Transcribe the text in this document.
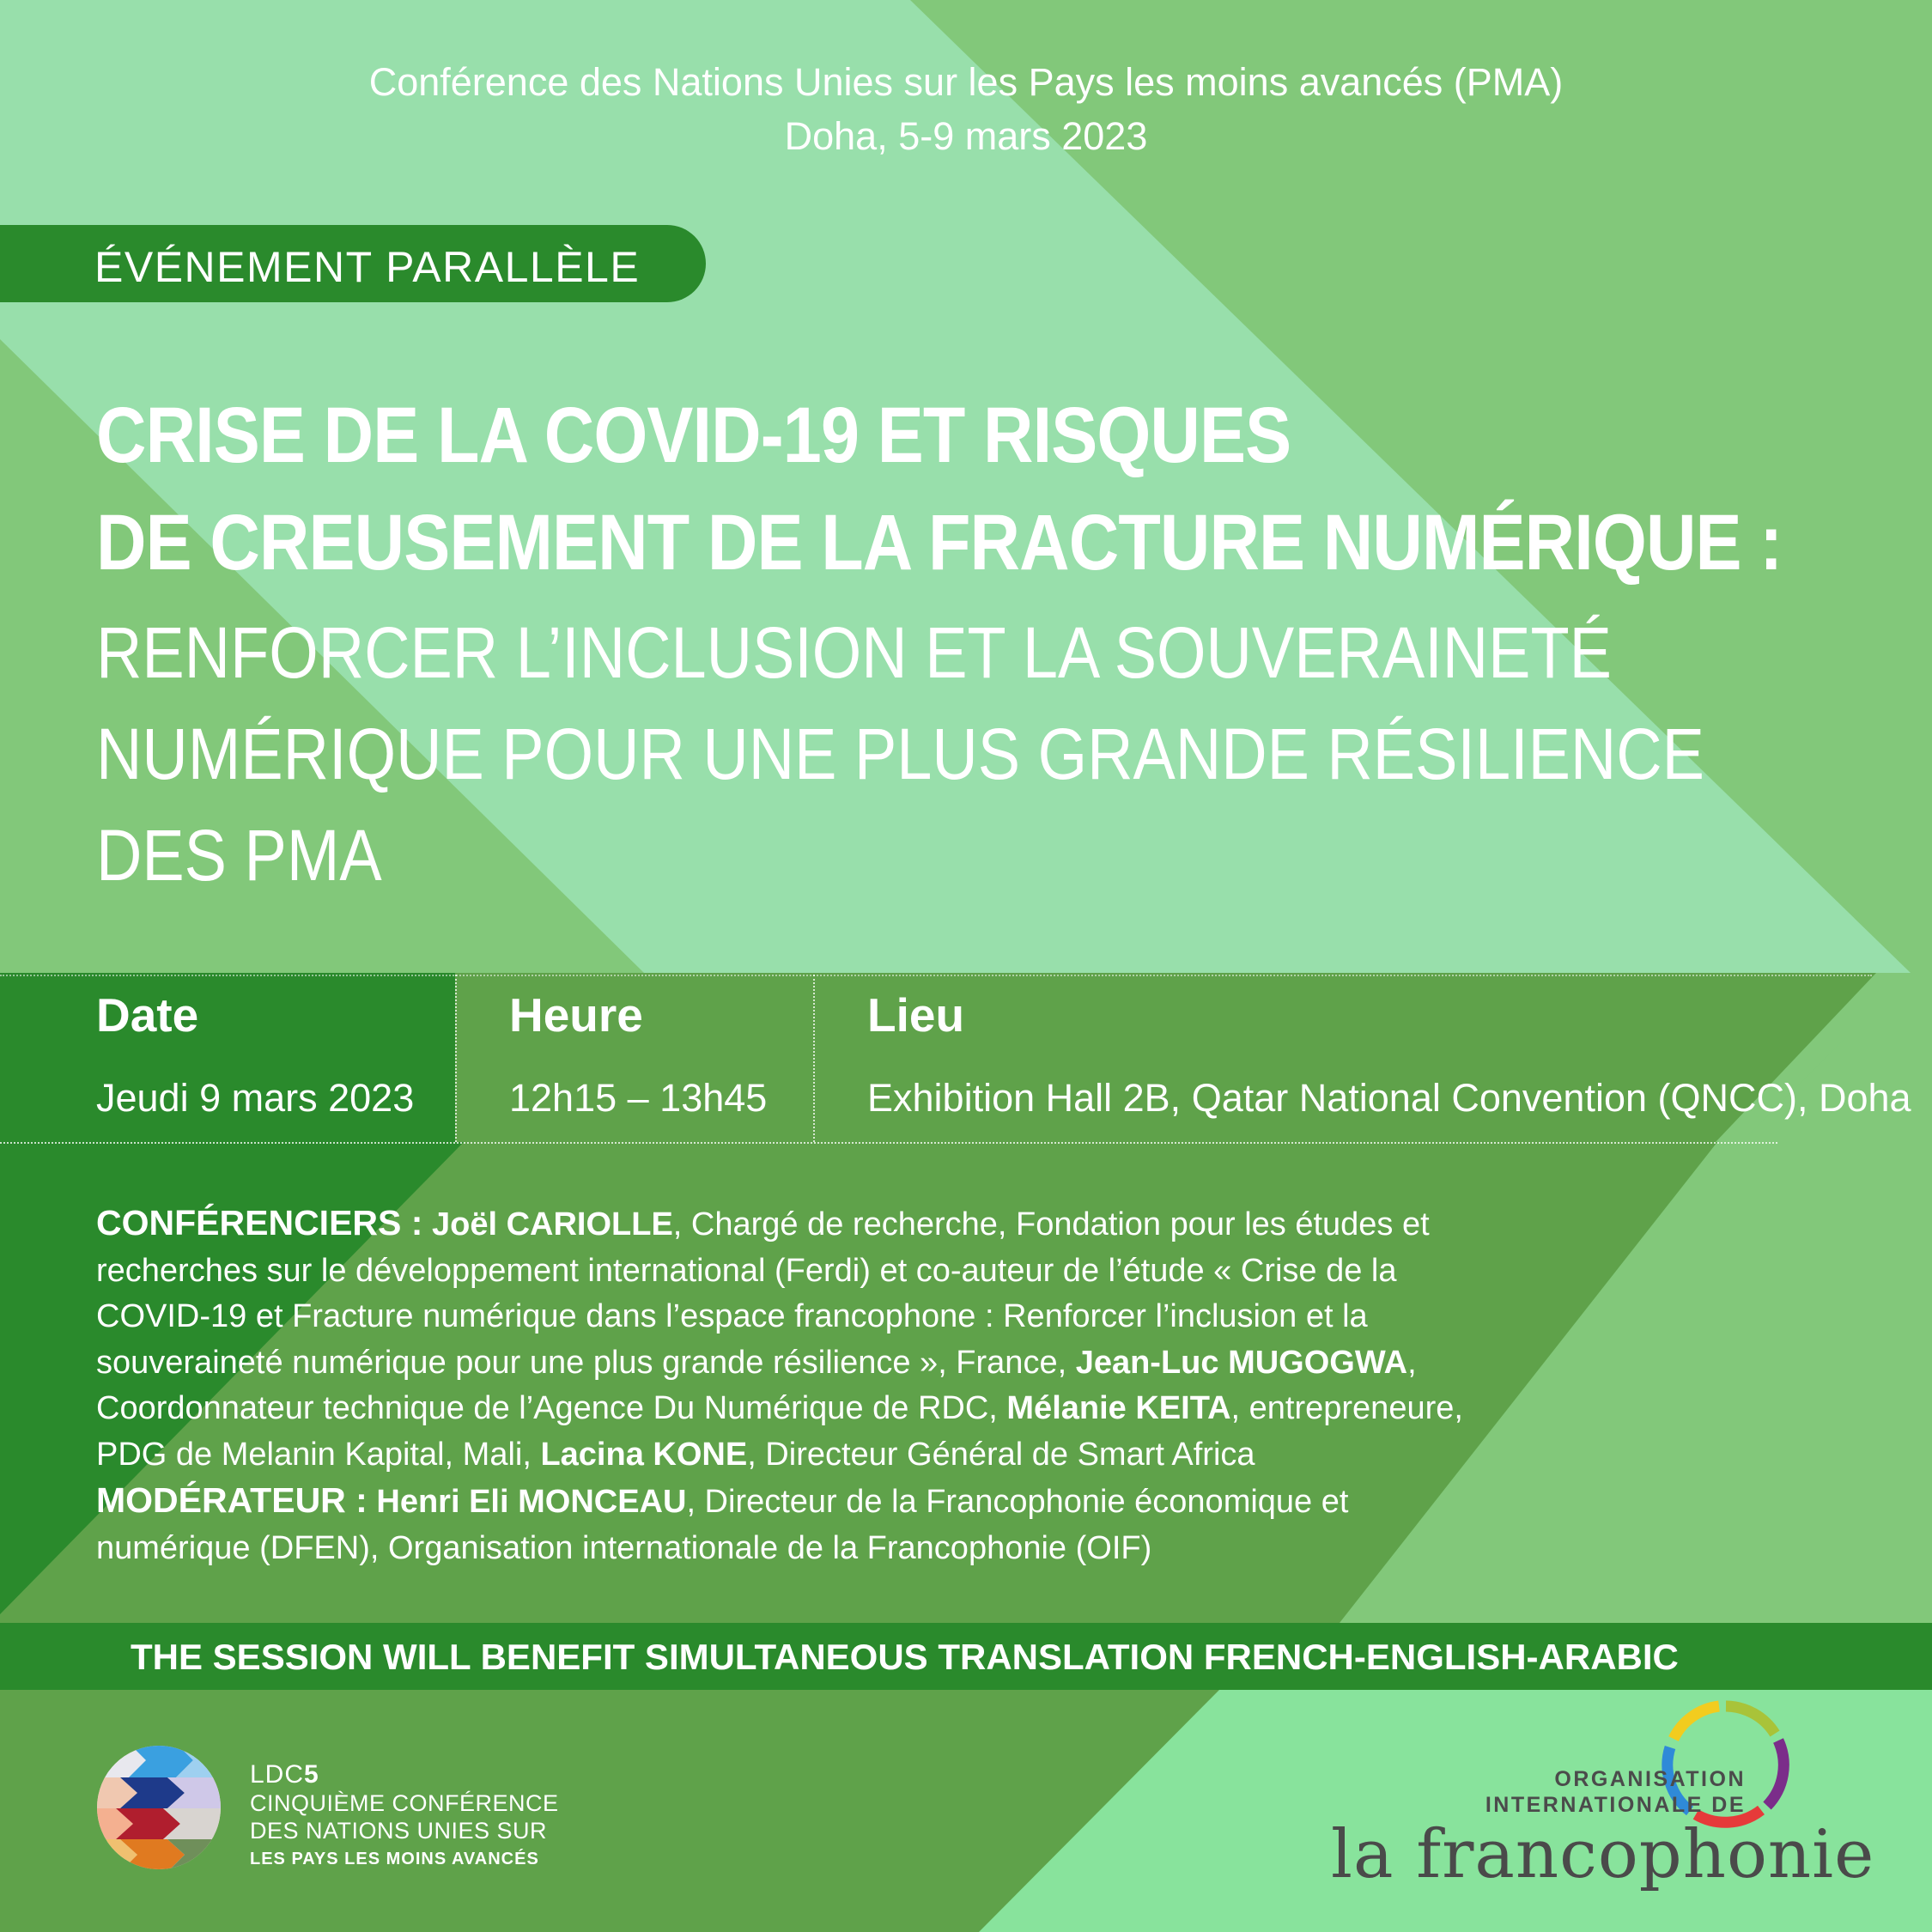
Conférence des Nations Unies sur les Pays les moins avancés (PMA)
Doha, 5-9 mars 2023
ÉVÉNEMENT PARALLÈLE
CRISE DE LA COVID-19 ET RISQUES
DE CREUSEMENT DE LA FRACTURE NUMÉRIQUE :
RENFORCER L’INCLUSION ET LA SOUVERAINETÉ
NUMÉRIQUE POUR UNE PLUS GRANDE RÉSILIENCE
DES PMA
Date
Jeudi 9 mars 2023
Heure
12h15 – 13h45
Lieu
Exhibition Hall 2B, Qatar National Convention (QNCC), Doha
CONFÉRENCIERS : Joël CARIOLLE, Chargé de recherche, Fondation pour les études et recherches sur le développement international (Ferdi) et co-auteur de l’étude « Crise de la COVID-19 et Fracture numérique dans l’espace francophone : Renforcer l’inclusion et la souveraineté numérique pour une plus grande résilience », France, Jean-Luc MUGOGWA, Coordonnateur technique de l’Agence Du Numérique de RDC, Mélanie KEITA, entrepreneure, PDG de Melanin Kapital, Mali, Lacina KONE, Directeur Général de Smart Africa
MODÉRATEUR : Henri Eli MONCEAU, Directeur de la Francophonie économique et numérique (DFEN), Organisation internationale de la Francophonie (OIF)
THE SESSION WILL BENEFIT SIMULTANEOUS TRANSLATION FRENCH-ENGLISH-ARABIC
LDC5
CINQUIÈME CONFÉRENCE
DES NATIONS UNIES SUR
LES PAYS LES MOINS AVANCÉS
ORGANISATION
INTERNATIONALE DE
la francophonie
